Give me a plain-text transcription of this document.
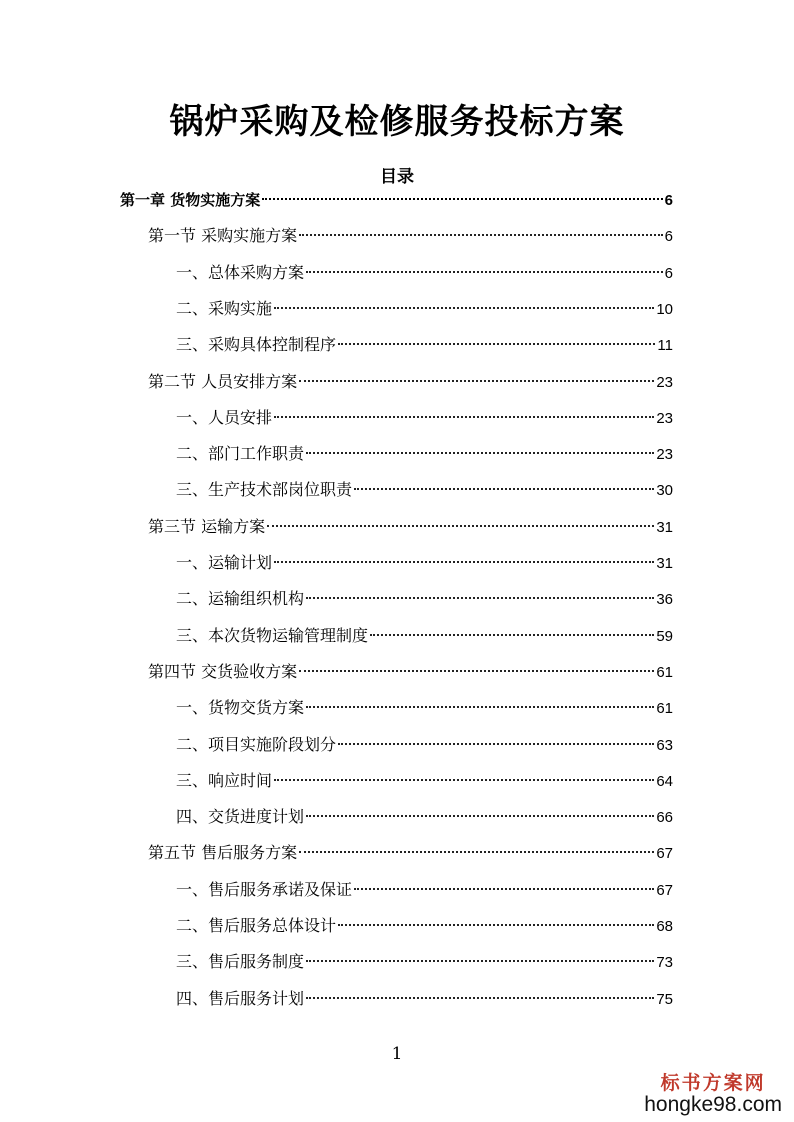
锅炉采购及检修服务投标方案
目录
第一章 货物实施方案	6
第一节 采购实施方案	6
一、总体采购方案	6
二、采购实施	10
三、采购具体控制程序	11
第二节 人员安排方案	23
一、人员安排	23
二、部门工作职责	23
三、生产技术部岗位职责	30
第三节 运输方案	31
一、运输计划	31
二、运输组织机构	36
三、本次货物运输管理制度	59
第四节 交货验收方案	61
一、货物交货方案	61
二、项目实施阶段划分	63
三、响应时间	64
四、交货进度计划	66
第五节 售后服务方案	67
一、售后服务承诺及保证	67
二、售后服务总体设计	68
三、售后服务制度	73
四、售后服务计划	75
1
标书方案网
hongke98.com
